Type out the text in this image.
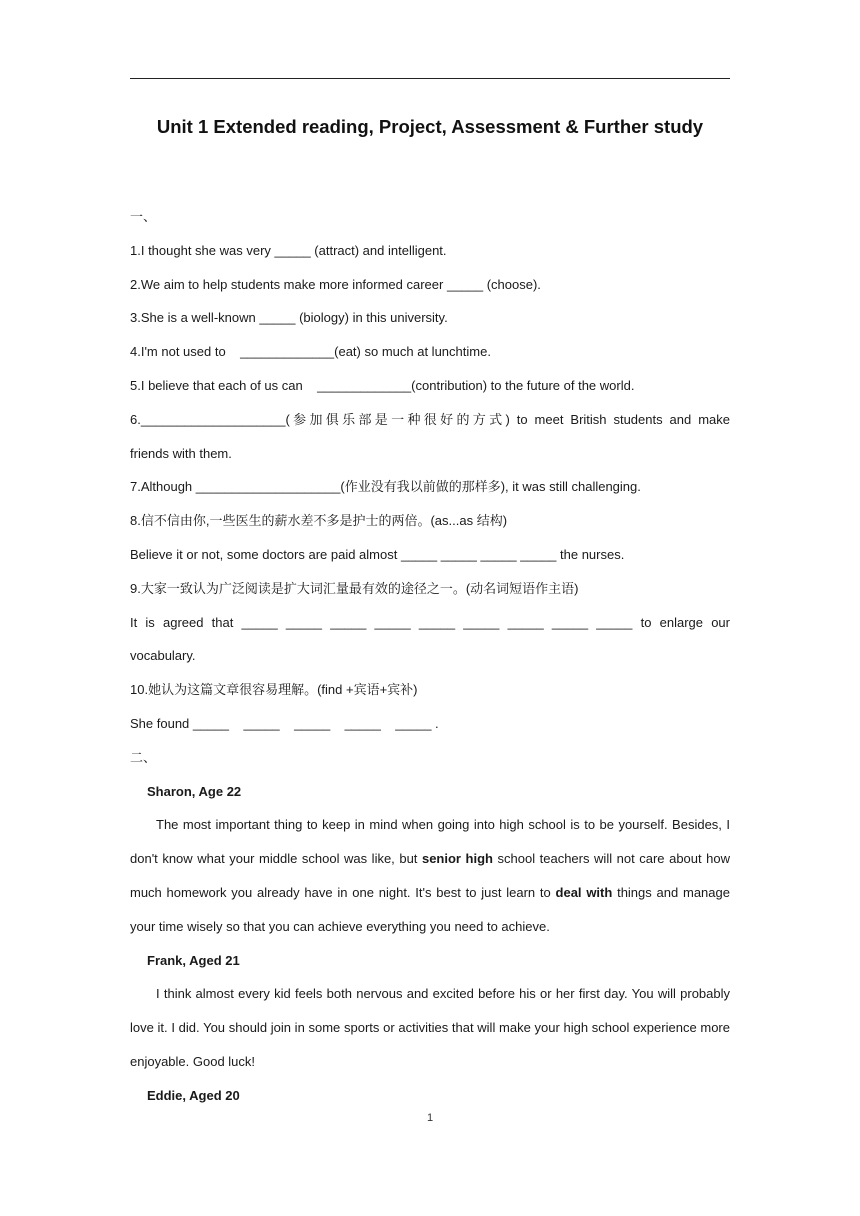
Unit 1 Extended reading, Project, Assessment & Further study

一、

1.I thought she was very _____ (attract) and intelligent.

2.We aim to help students make more informed career _____ (choose).

3.She is a well-known _____ (biology) in this university.

4.I'm not used to    _____________(eat) so much at lunchtime.

5.I believe that each of us can    _____________(contribution) to the future of the world.

6.____________________(参加俱乐部是一种很好的方式) to meet British students and make

friends with them.

7.Although ____________________(作业没有我以前做的那样多), it was still challenging.

8.信不信由你,一些医生的薪水差不多是护士的两倍。(as...as 结构)

Believe it or not, some doctors are paid almost _____ _____ _____ _____ the nurses.

9.大家一致认为广泛阅读是扩大词汇量最有效的途径之一。(动名词短语作主语)

It is agreed that _____ _____ _____ _____ _____ _____ _____ _____ _____ to enlarge our

vocabulary.

10.她认为这篇文章很容易理解。(find +宾语+宾补)

She found _____    _____    _____    _____    _____ .

二、

Sharon, Age 22

The most important thing to keep in mind when going into high school is to be yourself. Besides, I don't know what your middle school was like, but senior high school teachers will not care about how much homework you already have in one night. It's best to just learn to deal with things and manage your time wisely so that you can achieve everything you need to achieve.

Frank, Aged 21

I think almost every kid feels both nervous and excited before his or her first day. You will probably love it. I did. You should join in some sports or activities that will make your high school experience more enjoyable. Good luck!

Eddie, Aged 20

1
